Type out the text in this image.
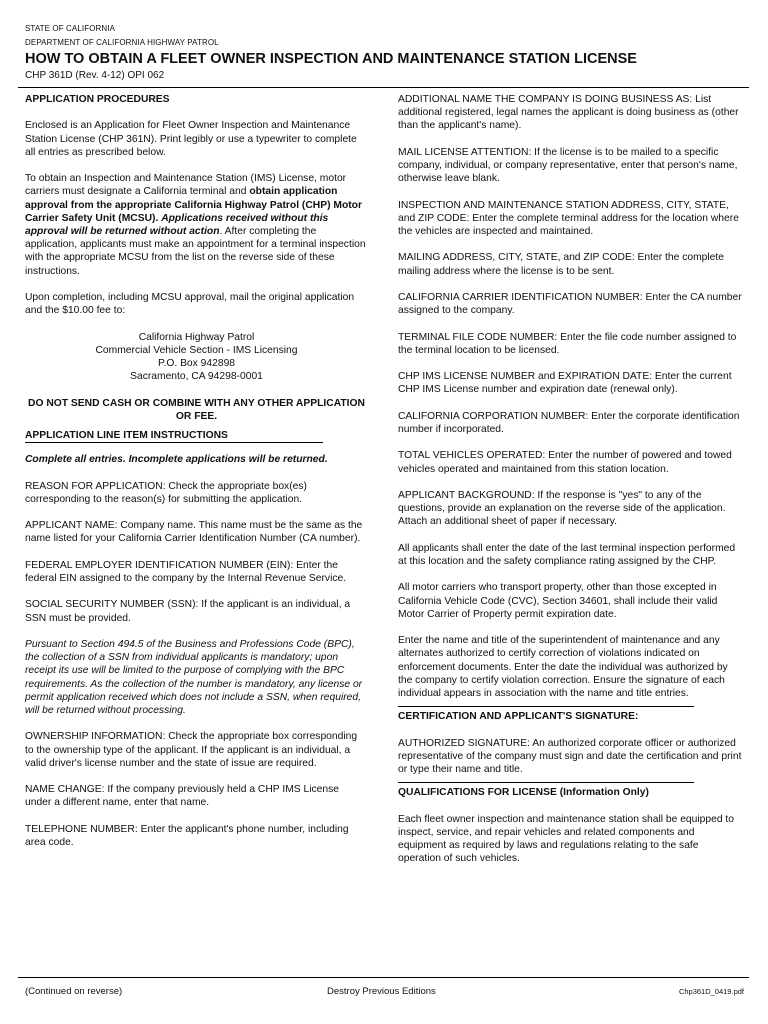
STATE OF CALIFORNIA
DEPARTMENT OF CALIFORNIA HIGHWAY PATROL
HOW TO OBTAIN A FLEET OWNER INSPECTION AND MAINTENANCE STATION LICENSE
CHP 361D (Rev. 4-12) OPI 062

APPLICATION PROCEDURES

Enclosed is an Application for Fleet Owner Inspection and Maintenance Station License (CHP 361N). Print legibly or use a typewriter to complete all entries as prescribed below.

To obtain an Inspection and Maintenance Station (IMS) License, motor carriers must designate a California terminal and obtain application approval from the appropriate California Highway Patrol (CHP) Motor Carrier Safety Unit (MCSU). Applications received without this approval will be returned without action. After completing the application, applicants must make an appointment for a terminal inspection with the appropriate MCSU from the list on the reverse side of these instructions.

Upon completion, including MCSU approval, mail the original application and the $10.00 fee to:

California Highway Patrol
Commercial Vehicle Section - IMS Licensing
P.O. Box 942898
Sacramento, CA 94298-0001

DO NOT SEND CASH OR COMBINE WITH ANY OTHER APPLICATION OR FEE.

APPLICATION LINE ITEM INSTRUCTIONS

Complete all entries. Incomplete applications will be returned.

REASON FOR APPLICATION: Check the appropriate box(es) corresponding to the reason(s) for submitting the application.

APPLICANT NAME: Company name. This name must be the same as the name listed for your California Carrier Identification Number (CA number).

FEDERAL EMPLOYER IDENTIFICATION NUMBER (EIN): Enter the federal EIN assigned to the company by the Internal Revenue Service.

SOCIAL SECURITY NUMBER (SSN): If the applicant is an individual, a SSN must be provided.

Pursuant to Section 494.5 of the Business and Professions Code (BPC), the collection of a SSN from individual applicants is mandatory; upon receipt its use will be limited to the purpose of complying with the BPC requirements. As the collection of the number is mandatory, any license or permit application received which does not include a SSN, when required, will be returned without processing.

OWNERSHIP INFORMATION: Check the appropriate box corresponding to the ownership type of the applicant. If the applicant is an individual, a valid driver's license number and the state of issue are required.

NAME CHANGE: If the company previously held a CHP IMS License under a different name, enter that name.

TELEPHONE NUMBER: Enter the applicant's phone number, including area code.

ADDITIONAL NAME THE COMPANY IS DOING BUSINESS AS: List additional registered, legal names the applicant is doing business as (other than the applicant's name).

MAIL LICENSE ATTENTION: If the license is to be mailed to a specific company, individual, or company representative, enter that person's name, otherwise leave blank.

INSPECTION AND MAINTENANCE STATION ADDRESS, CITY, STATE, and ZIP CODE: Enter the complete terminal address for the location where the vehicles are inspected and maintained.

MAILING ADDRESS, CITY, STATE, and ZIP CODE: Enter the complete mailing address where the license is to be sent.

CALIFORNIA CARRIER IDENTIFICATION NUMBER: Enter the CA number assigned to the company.

TERMINAL FILE CODE NUMBER: Enter the file code number assigned to the terminal location to be licensed.

CHP IMS LICENSE NUMBER and EXPIRATION DATE: Enter the current CHP IMS License number and expiration date (renewal only).

CALIFORNIA CORPORATION NUMBER: Enter the corporate identification number if incorporated.

TOTAL VEHICLES OPERATED: Enter the number of powered and towed vehicles operated and maintained from this station location.

APPLICANT BACKGROUND: If the response is "yes" to any of the questions, provide an explanation on the reverse side of the application. Attach an additional sheet of paper if necessary.

All applicants shall enter the date of the last terminal inspection performed at this location and the safety compliance rating assigned by the CHP.

All motor carriers who transport property, other than those excepted in California Vehicle Code (CVC), Section 34601, shall include their valid Motor Carrier of Property permit expiration date.

Enter the name and title of the superintendent of maintenance and any alternates authorized to certify correction of violations indicated on enforcement documents. Enter the date the individual was authorized by the company to certify violation correction. Ensure the signature of each individual appears in association with the name and title entries.

CERTIFICATION AND APPLICANT'S SIGNATURE:

AUTHORIZED SIGNATURE: An authorized corporate officer or authorized representative of the company must sign and date the certification and print or type their name and title.

QUALIFICATIONS FOR LICENSE (Information Only)

Each fleet owner inspection and maintenance station shall be equipped to inspect, service, and repair vehicles and related components and equipment as required by laws and regulations relating to the safe operation of such vehicles.

(Continued on reverse)	Destroy Previous Editions	Chp361D_0419.pdf
